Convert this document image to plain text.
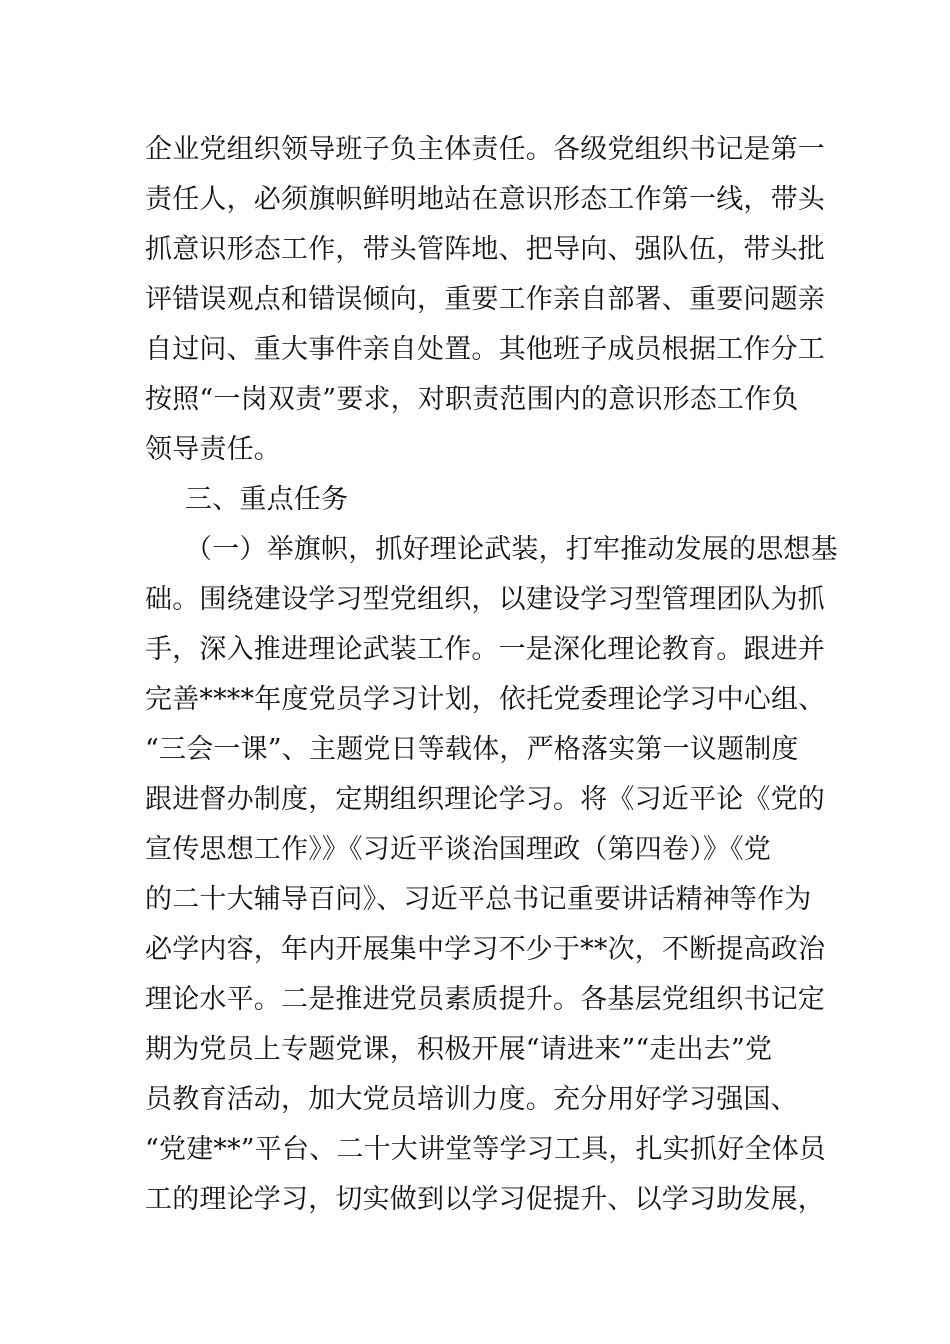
企业党组织领导班子负主体责任。各级党组织书记是第一
责任人，必须旗帜鲜明地站在意识形态工作第一线，带头
抓意识形态工作，带头管阵地、把导向、强队伍，带头批
评错误观点和错误倾向，重要工作亲自部署、重要问题亲
自过问、重大事件亲自处置。其他班子成员根据工作分工
按照“一岗双责”要求，对职责范围内的意识形态工作负
领导责任。
三、重点任务
（一）举旗帜，抓好理论武装，打牢推动发展的思想基
础。围绕建设学习型党组织，以建设学习型管理团队为抓
手，深入推进理论武装工作。一是深化理论教育。跟进并
完善****年度党员学习计划，依托党委理论学习中心组、
“三会一课”、主题党日等载体，严格落实第一议题制度
跟进督办制度，定期组织理论学习。将《习近平论《党的
宣传思想工作》》《习近平谈治国理政（第四卷）》《党
的二十大辅导百问》、习近平总书记重要讲话精神等作为
必学内容，年内开展集中学习不少于**次，不断提高政治
理论水平。二是推进党员素质提升。各基层党组织书记定
期为党员上专题党课，积极开展“请进来”“走出去”党
员教育活动，加大党员培训力度。充分用好学习强国、
“党建**”平台、二十大讲堂等学习工具，扎实抓好全体员
工的理论学习，切实做到以学习促提升、以学习助发展，
